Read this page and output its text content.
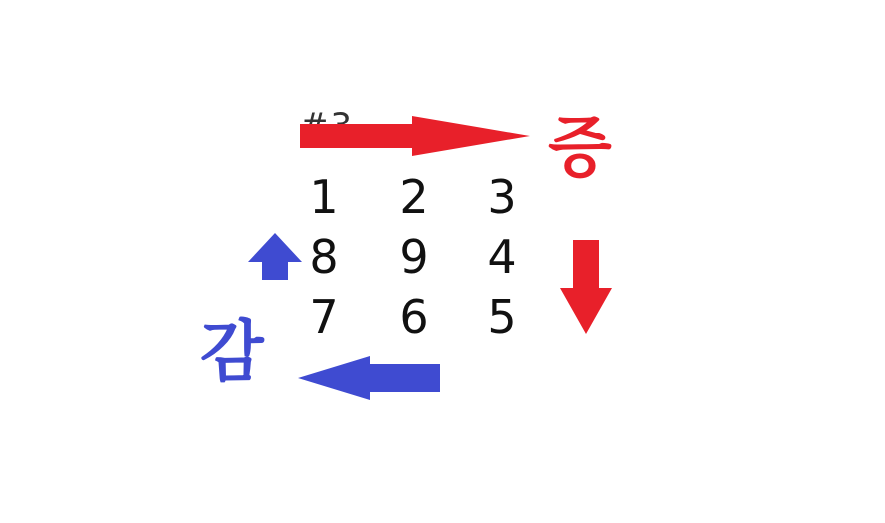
1	2	3
8	9	4
7	6	5
증
감
